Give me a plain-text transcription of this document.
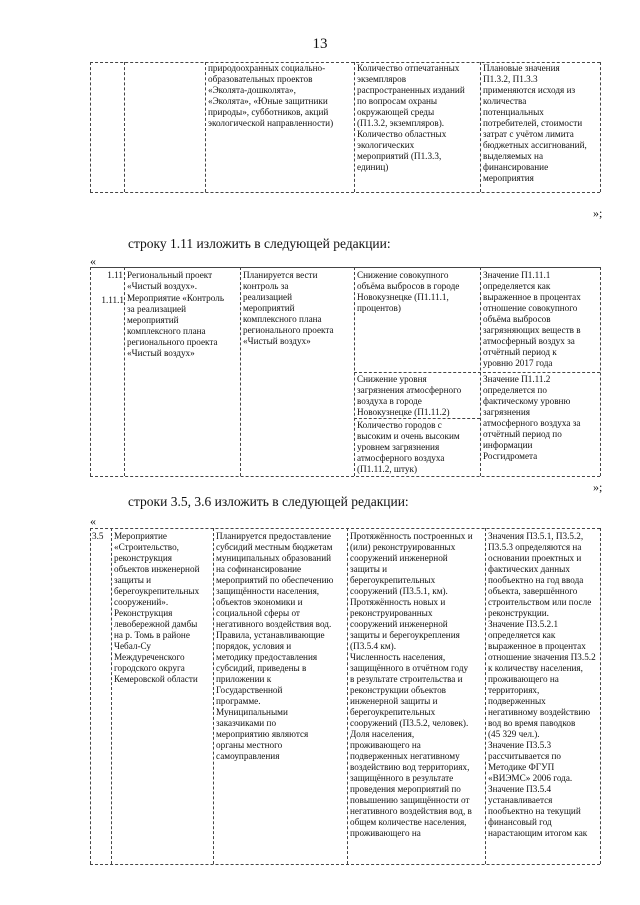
13
природоохранных социально-
образовательных проектов
«Эколята-дошколята»,
«Эколята», «Юные защитники
природы», субботников, акций
экологической направленности)
Количество отпечатанных
экземпляров
распространенных изданий
по вопросам охраны
окружающей среды
(П1.3.2, экземпляров).
Количество областных
экологических
мероприятий (П1.3.3,
единиц)
Плановые значения
П1.3.2, П1.3.3
применяются исходя из
количества
потенциальных
потребителей, стоимости
затрат с учётом лимита
бюджетных ассигнований,
выделяемых на
финансирование
мероприятия
»;
строку 1.11 изложить в следующей редакции:
«
1.11
1.11.1
Региональный проект
«Чистый воздух».
Мероприятие «Контроль
за реализацией
мероприятий
комплексного плана
регионального проекта
«Чистый воздух»
Планируется вести
контроль за
реализацией
мероприятий
комплексного плана
регионального проекта
«Чистый воздух»
Снижение совокупного
объёма выбросов в городе
Новокузнецке (П1.11.1,
процентов)
Снижение уровня
загрязнения атмосферного
воздуха в городе
Новокузнецке (П1.11.2)
Количество городов с
высоким и очень высоким
уровнем загрязнения
атмосферного воздуха
(П1.11.2, штук)
Значение П1.11.1
определяется как
выраженное в процентах
отношение совокупного
объёма выбросов
загрязняющих веществ в
атмосферный воздух за
отчётный период к
уровню 2017 года
Значение П1.11.2
определяется по
фактическому уровню
загрязнения
атмосферного воздуха за
отчётный период по
информации
Росгидромета
»;
строки 3.5, 3.6 изложить в следующей редакции:
«
3.5	Мероприятие
«Строительство,
реконструкция
объектов инженерной
защиты и
берегоукрепительных
сооружений».
Реконструкция
левобережной дамбы
на р. Томь в районе
Чебал-Су
Междуреченского
городского округа
Кемеровской области
Планируется предоставление
субсидий местным бюджетам
муниципальных образований
на софинансирование
мероприятий по обеспечению
защищённости населения,
объектов экономики и
социальной сферы от
негативного воздействия вод.
Правила, устанавливающие
порядок, условия и
методику предоставления
субсидий, приведены в
приложении к
Государственной
программе.
Муниципальными
заказчиками по
мероприятию являются
органы местного
самоуправления
Протяжённость построенных и
(или) реконструированных
сооружений инженерной
защиты и
берегоукрепительных
сооружений (П3.5.1, км).
Протяжённость новых и
реконструированных
сооружений инженерной
защиты и берегоукрепления
(П3.5.4 км).
Численность населения,
защищённого в отчётном году
в результате строительства и
реконструкции объектов
инженерной защиты и
берегоукрепительных
сооружений (П3.5.2, человек).
Доля населения,
проживающего на
подверженных негативному
воздействию вод территориях,
защищённого в результате
проведения мероприятий по
повышению защищённости от
негативного воздействия вод, в
общем количестве населения,
проживающего на
Значения П3.5.1, П3.5.2,
П3.5.3 определяются на
основании проектных и
фактических данных
пообъектно на год ввода
объекта, завершённого
строительством или после
реконструкции.
Значение П3.5.2.1
определяется как
выраженное в процентах
отношение значения П3.5.2
к количеству населения,
проживающего на
территориях,
подверженных
негативному воздействию
вод во время паводков
(45 329 чел.).
Значение П3.5.3
рассчитывается по
Методике ФГУП
«ВИЭМС» 2006 года.
Значение П3.5.4
устанавливается
пообъектно на текущий
финансовый год
нарастающим итогом как
